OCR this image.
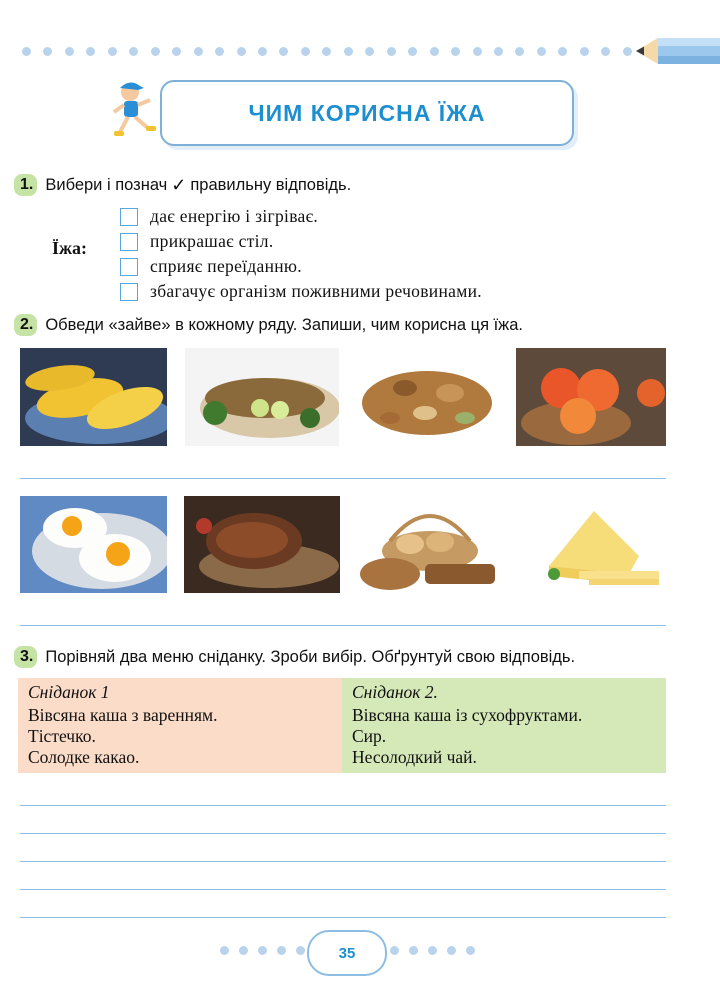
ЧИМ КОРИСНА ЇЖА
1. Вибери і познач ✓ правильну відповідь.
Їжа:
дає енергію і зігріває.
прикрашає стіл.
сприяє переїданню.
збагачує організм поживними речовинами.
2. Обведи «зайве» в кожному ряду. Запиши, чим корисна ця їжа.
3. Порівняй два меню сніданку. Зроби вибір. Обґрунтуй свою відповідь.
Сніданок 1
Вівсяна каша з варенням.
Тістечко.
Солодке какао.
Сніданок 2.
Вівсяна каша із сухофруктами.
Сир.
Несолодкий чай.
35
